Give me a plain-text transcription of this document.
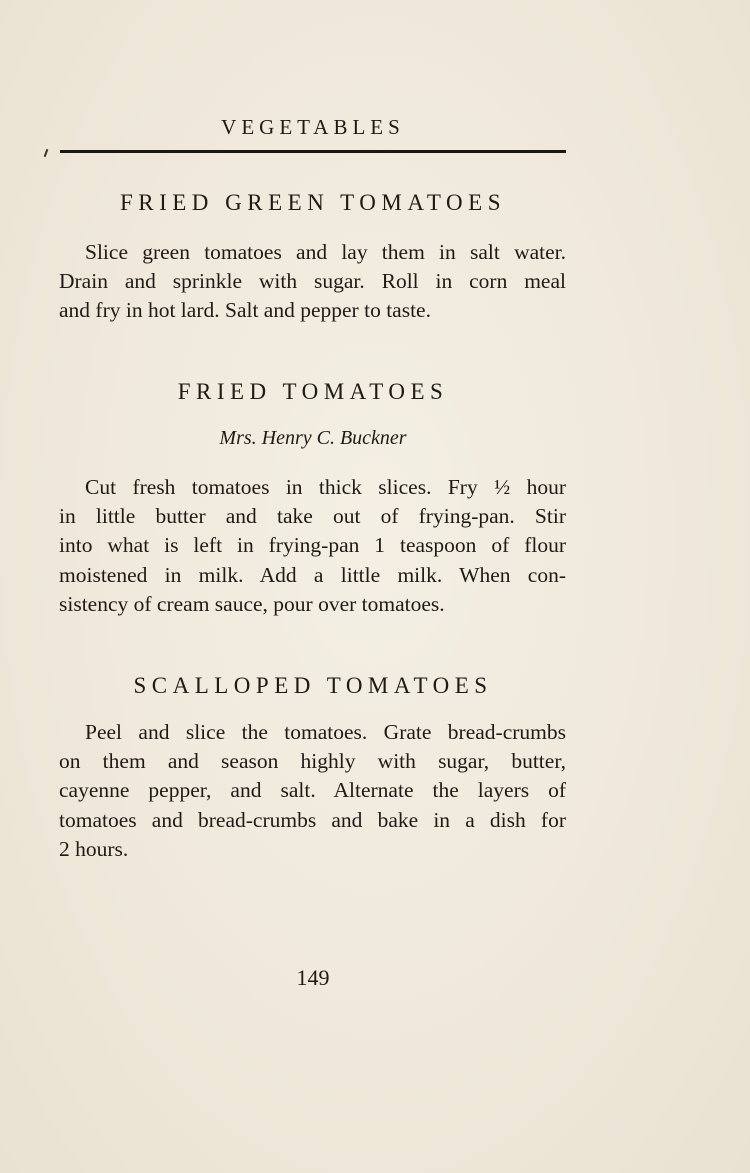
VEGETABLES
FRIED GREEN TOMATOES
Slice green tomatoes and lay them in salt water.
Drain and sprinkle with sugar. Roll in corn meal
and fry in hot lard. Salt and pepper to taste.
FRIED TOMATOES
Mrs. Henry C. Buckner
Cut fresh tomatoes in thick slices. Fry ½ hour
in little butter and take out of frying-pan. Stir
into what is left in frying-pan 1 teaspoon of flour
moistened in milk. Add a little milk. When con-
sistency of cream sauce, pour over tomatoes.
SCALLOPED TOMATOES
Peel and slice the tomatoes. Grate bread-crumbs
on them and season highly with sugar, butter,
cayenne pepper, and salt. Alternate the layers of
tomatoes and bread-crumbs and bake in a dish for
2 hours.
149
